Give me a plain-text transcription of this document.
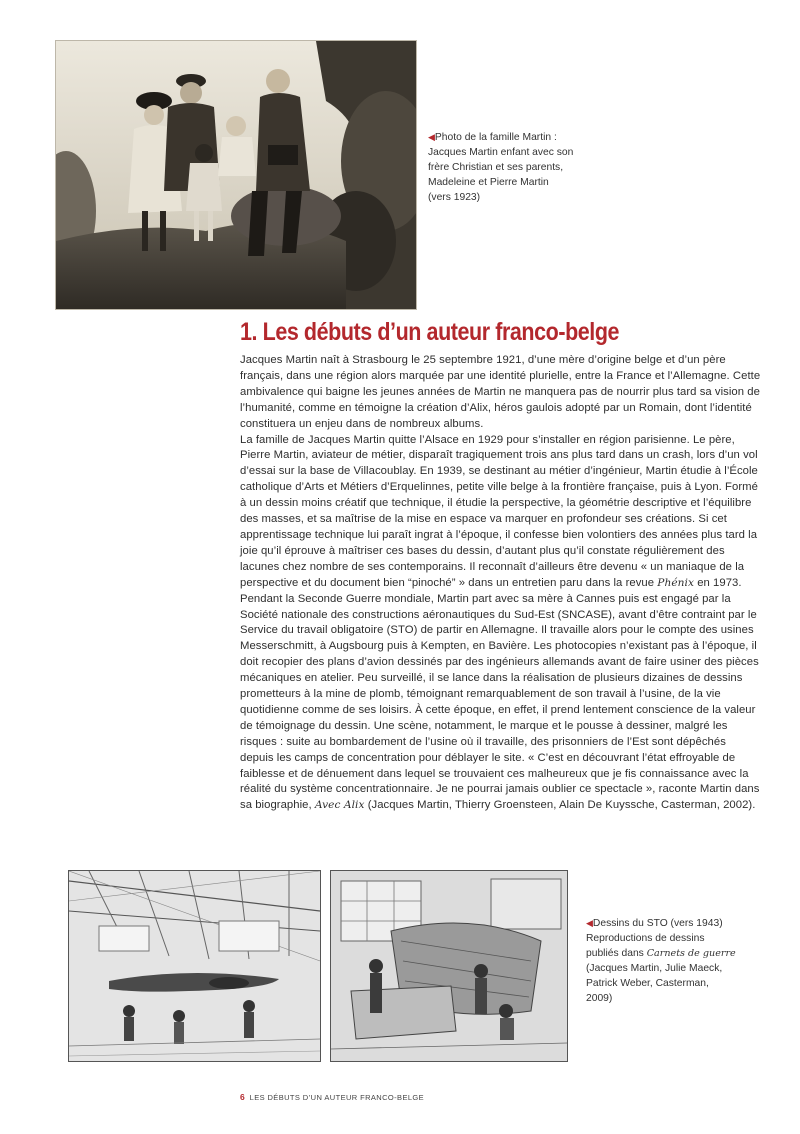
◀Photo de la famille Martin :
Jacques Martin enfant avec son
frère Christian et ses parents,
Madeleine et Pierre Martin
(vers 1923)
1. Les débuts d’un auteur franco-belge

Jacques Martin naît à Strasbourg le 25 septembre 1921, d’une mère d’origine belge et d’un père français, dans une région alors marquée par une identité plurielle, entre la France et l’Allemagne. Cette ambivalence qui baigne les jeunes années de Martin ne manquera pas de nourrir plus tard sa vision de l’humanité, comme en témoigne la création d’Alix, héros gaulois adopté par un Romain, dont l’identité constituera un enjeu dans de nombreux albums.

La famille de Jacques Martin quitte l’Alsace en 1929 pour s’installer en région parisienne. Le père, Pierre Martin, aviateur de métier, disparaît tragiquement trois ans plus tard dans un crash, lors d’un vol d’essai sur la base de Villacoublay. En 1939, se destinant au métier d’ingénieur, Martin étudie à l’École catholique d’Arts et Métiers d’Erquelinnes, petite ville belge à la frontière française, puis à Lyon. Formé à un dessin moins créatif que technique, il étudie la perspective, la géométrie descriptive et l’équilibre des masses, et sa maîtrise de la mise en espace va marquer en profondeur ses créations. Si cet apprentissage technique lui paraît ingrat à l’époque, il confesse bien volontiers des années plus tard la joie qu’il éprouve à maîtriser ces bases du dessin, d’autant plus qu’il constate régulièrement des lacunes chez nombre de ses contemporains. Il reconnaît d’ailleurs être devenu « un maniaque de la perspective et du document bien “pinoché” » dans un entretien paru dans la revue Phénix en 1973.

Pendant la Seconde Guerre mondiale, Martin part avec sa mère à Cannes puis est engagé par la Société nationale des constructions aéronautiques du Sud-Est (SNCASE), avant d’être contraint par le Service du travail obligatoire (STO) de partir en Allemagne. Il travaille alors pour le compte des usines Messerschmitt, à Augsbourg puis à Kempten, en Bavière. Les photocopies n’existant pas à l’époque, il doit recopier des plans d’avion dessinés par des ingénieurs allemands avant de faire usiner des pièces mécaniques en atelier. Peu surveillé, il se lance dans la réalisation de plusieurs dizaines de dessins prometteurs à la mine de plomb, témoignant remarquablement de son travail à l’usine, de la vie quotidienne comme de ses loisirs. À cette époque, en effet, il prend lentement conscience de la valeur de témoignage du dessin. Une scène, notamment, le marque et le pousse à dessiner, malgré les risques : suite au bombardement de l’usine où il travaille, des prisonniers de l’Est sont dépêchés depuis les camps de concentration pour déblayer le site. « C’est en découvrant l’état effroyable de faiblesse et de dénuement dans lequel se trouvaient ces malheureux que je fis connaissance avec la réalité du système concentrationnaire. Je ne pourrai jamais oublier ce spectacle », raconte Martin dans sa biographie, Avec Alix (Jacques Martin, Thierry Groensteen, Alain De Kuyssche, Casterman, 2002).

◀Dessins du STO (vers 1943)
Reproductions de dessins
publiés dans Carnets de guerre
(Jacques Martin, Julie Maeck,
Patrick Weber, Casterman,
2009)
6 LES DÉBUTS D’UN AUTEUR FRANCO-BELGE
